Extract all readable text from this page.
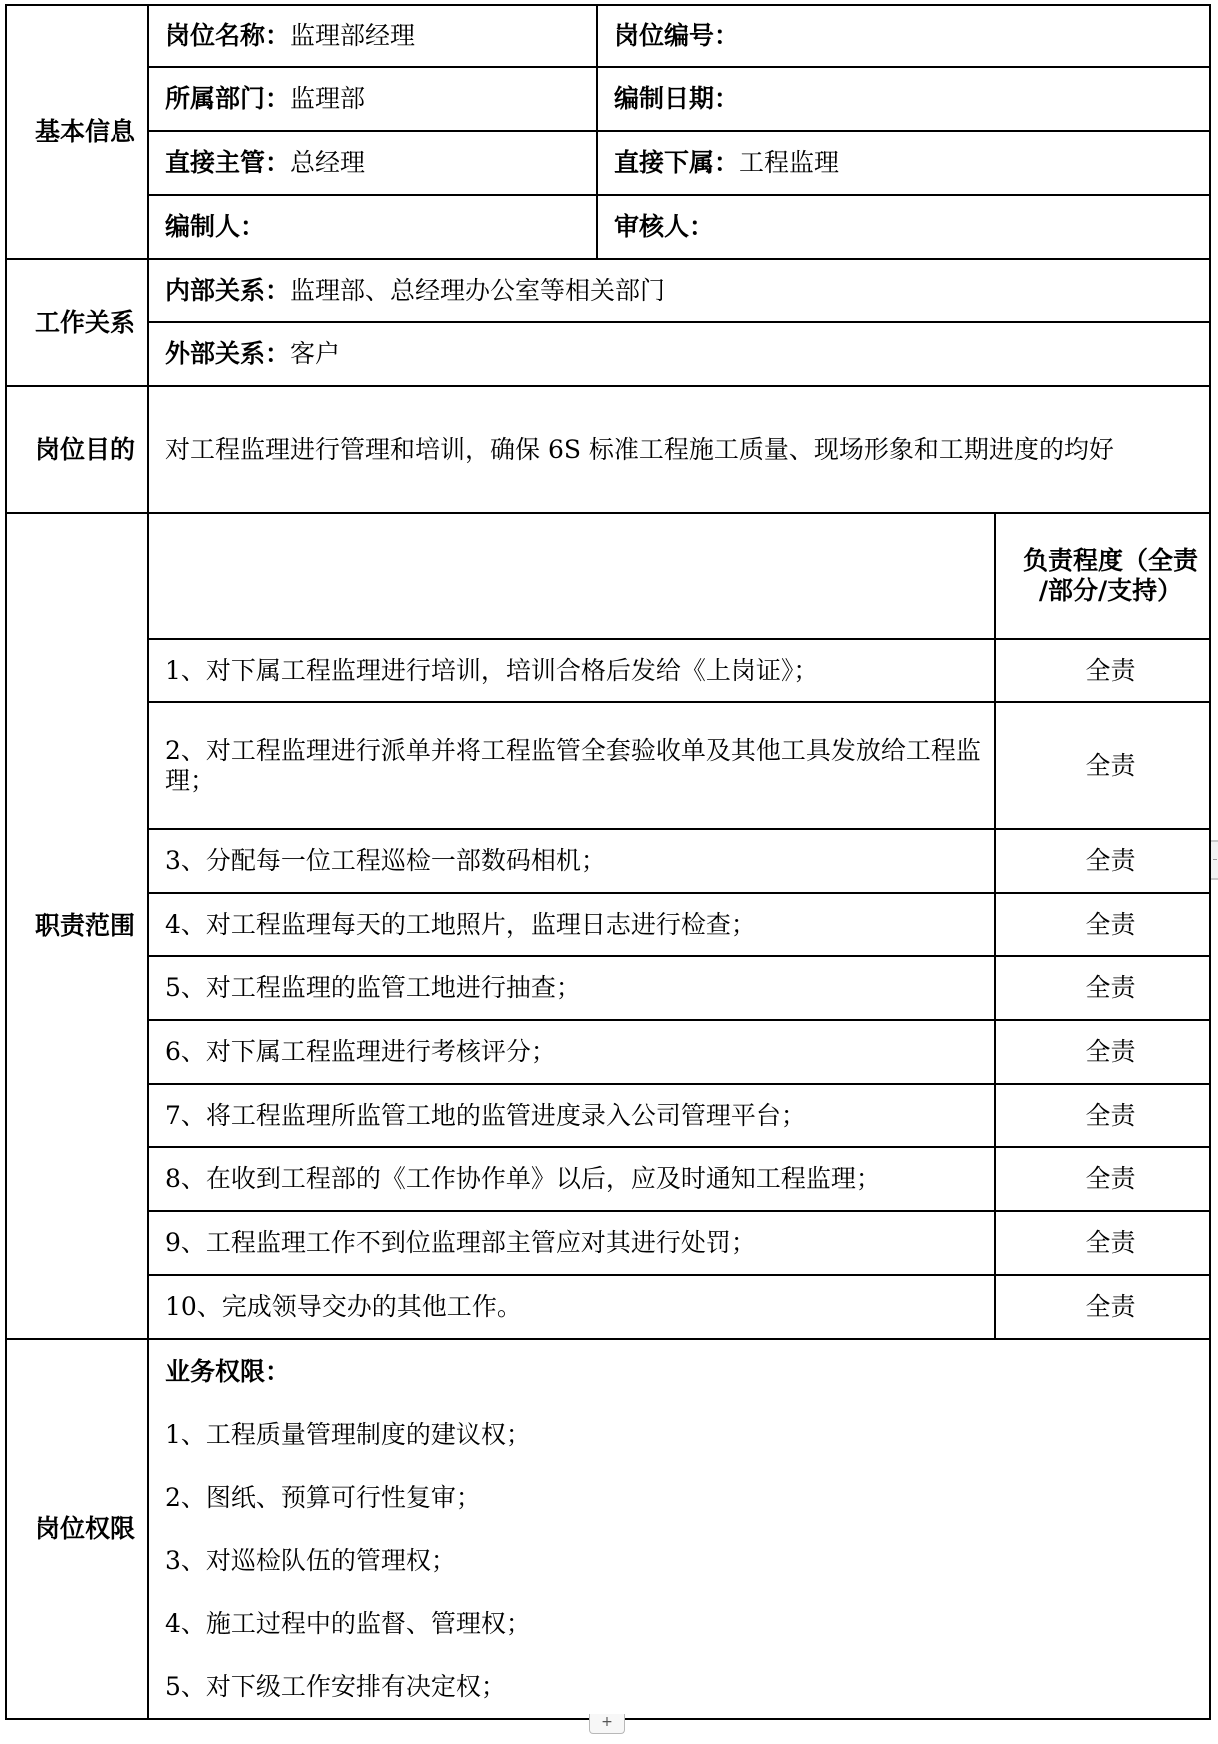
基本信息	岗位名称：监理部经理	岗位编号：	
	所属部门：监理部	编制日期：	
	直接主管：总经理	直接下属：工程监理	
	编制人：	审核人：	
工作关系	内部关系：监理部、总经理办公室等相关部门		
	外部关系：客户		
岗位目的	对工程监理进行管理和培训，确保 6S 标准工程施工质量、现场形象和工期进度的均好		
职责范围			负责程度（全责
/部分/支持）

	1、对下属工程监理进行培训，培训合格后发给《上岗证》；		全责
	2、对工程监理进行派单并将工程监管全套验收单及其他工具发放给工程监理；		全责
	3、分配每一位工程巡检一部数码相机；		全责
	4、对工程监理每天的工地照片，监理日志进行检查；		全责
	5、对工程监理的监管工地进行抽查；		全责
	6、对下属工程监理进行考核评分；		全责
	7、将工程监理所监管工地的监管进度录入公司管理平台；		全责
	8、在收到工程部的《工作协作单》以后，应及时通知工程监理；		全责
	9、工程监理工作不到位监理部主管应对其进行处罚；		全责
	10、完成领导交办的其他工作。		全责
岗位权限	
业务权限：
1、工程质量管理制度的建议权；
2、图纸、预算可行性复审；
3、对巡检队伍的管理权；
4、施工过程中的监督、管理权；
5、对下级工作安排有决定权；
+
